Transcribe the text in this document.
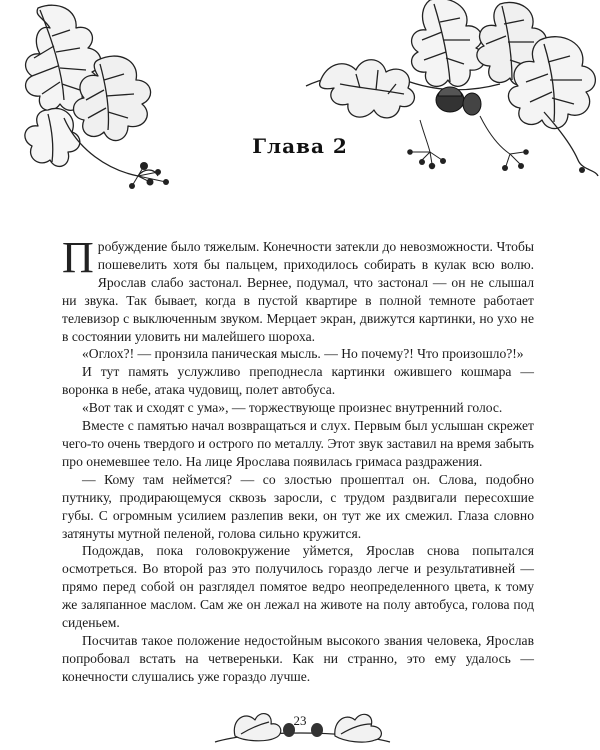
Глава 2

Пробуждение было тяжелым. Конечности затекли до невозможности. Чтобы пошевелить хотя бы пальцем, приходилось собирать в кулак всю волю. Ярослав слабо застонал. Вернее, подумал, что застонал — он не слышал ни звука. Так бывает, когда в пустой квартире в полной темноте работает телевизор с выключенным звуком. Мерцает экран, движутся картинки, но ухо не в состоянии уловить ни малейшего шороха.

«Оглох?! — пронзила паническая мысль. — Но почему?! Что произошло?!»

И тут память услужливо преподнесла картинки ожившего кошмара — воронка в небе, атака чудовищ, полет автобуса.

«Вот так и сходят с ума», — торжествующе произнес внутренний голос.

Вместе с памятью начал возвращаться и слух. Первым был услышан скрежет чего-то очень твердого и острого по металлу. Этот звук заставил на время забыть про онемевшее тело. На лице Ярослава появилась гримаса раздражения.

— Кому там неймется? — со злостью прошептал он. Слова, подобно путнику, продирающемуся сквозь заросли, с трудом раздвигали пересохшие губы. С огромным усилием разлепив веки, он тут же их смежил. Глаза словно затянуты мутной пеленой, голова сильно кружится.

Подождав, пока головокружение уймется, Ярослав снова попытался осмотреться. Во второй раз это получилось гораздо легче и результативней — прямо перед собой он разглядел помятое ведро неопределенного цвета, к тому же заляпанное маслом. Сам же он лежал на животе на полу автобуса, голова под сиденьем.

Посчитав такое положение недостойным высокого звания человека, Ярослав попробовал встать на четвереньки. Как ни странно, это ему удалось — конечности слушались уже гораздо лучше.

23
